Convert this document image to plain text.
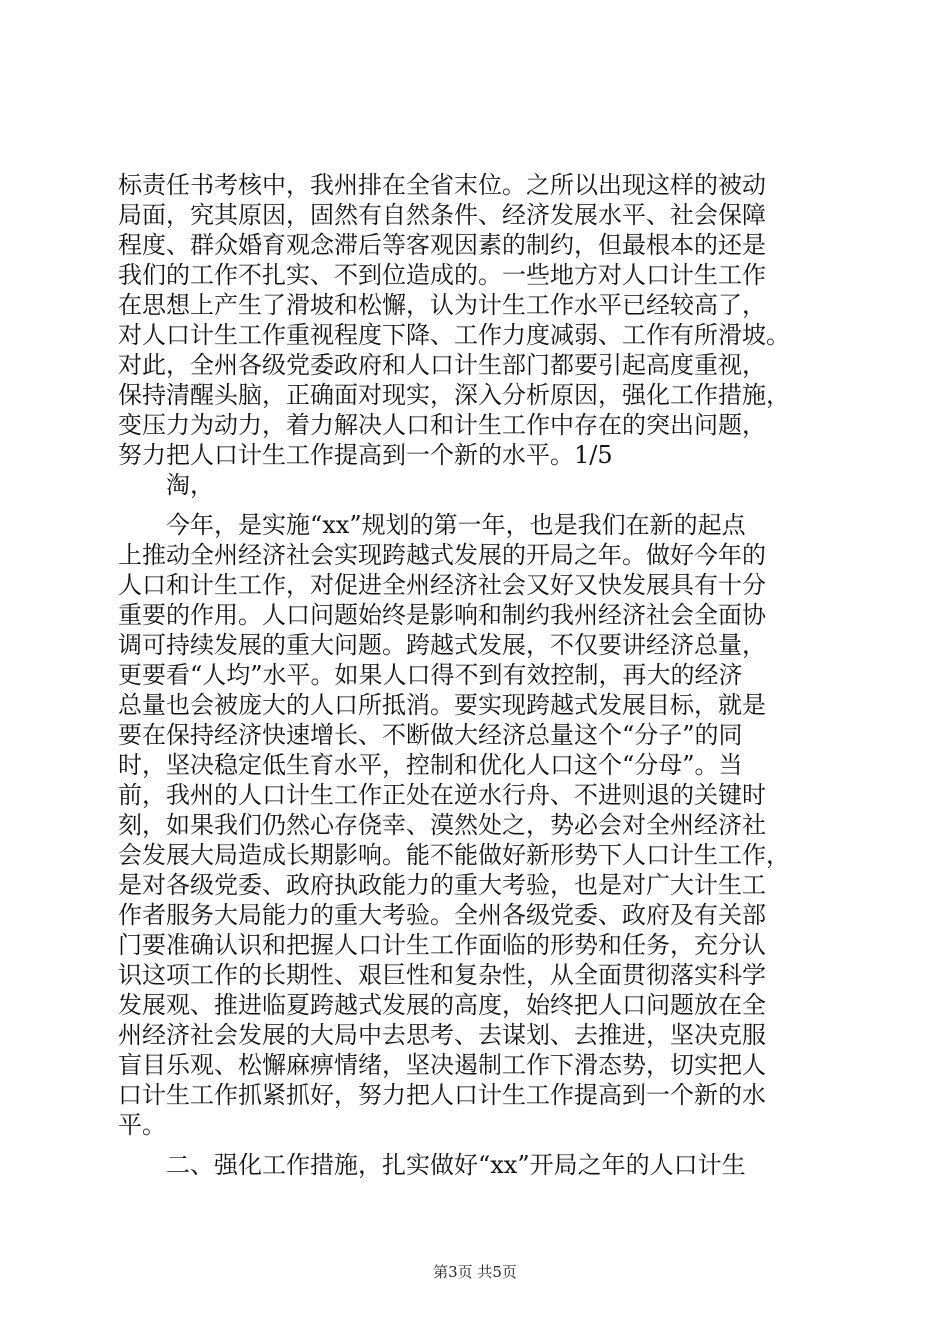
标责任书考核中，我州排在全省末位。之所以出现这样的被动
局面，究其原因，固然有自然条件、经济发展水平、社会保障
程度、群众婚育观念滞后等客观因素的制约，但最根本的还是
我们的工作不扎实、不到位造成的。一些地方对人口计生工作
在思想上产生了滑坡和松懈，认为计生工作水平已经较高了，
对人口计生工作重视程度下降、工作力度减弱、工作有所滑坡。
对此，全州各级党委政府和人口计生部门都要引起高度重视，
保持清醒头脑，正确面对现实，深入分析原因，强化工作措施，
变压力为动力，着力解决人口和计生工作中存在的突出问题，
努力把人口计生工作提高到一个新的水平。1/5
淘，
今年，是实施“xx”规划的第一年，也是我们在新的起点
上推动全州经济社会实现跨越式发展的开局之年。做好今年的
人口和计生工作，对促进全州经济社会又好又快发展具有十分
重要的作用。人口问题始终是影响和制约我州经济社会全面协
调可持续发展的重大问题。跨越式发展，不仅要讲经济总量，
更要看“人均”水平。如果人口得不到有效控制，再大的经济
总量也会被庞大的人口所抵消。要实现跨越式发展目标，就是
要在保持经济快速增长、不断做大经济总量这个“分子”的同
时，坚决稳定低生育水平，控制和优化人口这个“分母”。当
前，我州的人口计生工作正处在逆水行舟、不进则退的关键时
刻，如果我们仍然心存侥幸、漠然处之，势必会对全州经济社
会发展大局造成长期影响。能不能做好新形势下人口计生工作，
是对各级党委、政府执政能力的重大考验，也是对广大计生工
作者服务大局能力的重大考验。全州各级党委、政府及有关部
门要准确认识和把握人口计生工作面临的形势和任务，充分认
识这项工作的长期性、艰巨性和复杂性，从全面贯彻落实科学
发展观、推进临夏跨越式发展的高度，始终把人口问题放在全
州经济社会发展的大局中去思考、去谋划、去推进，坚决克服
盲目乐观、松懈麻痹情绪，坚决遏制工作下滑态势，切实把人
口计生工作抓紧抓好，努力把人口计生工作提高到一个新的水
平。
二、强化工作措施，扎实做好“xx”开局之年的人口计生
第3页 共5页
